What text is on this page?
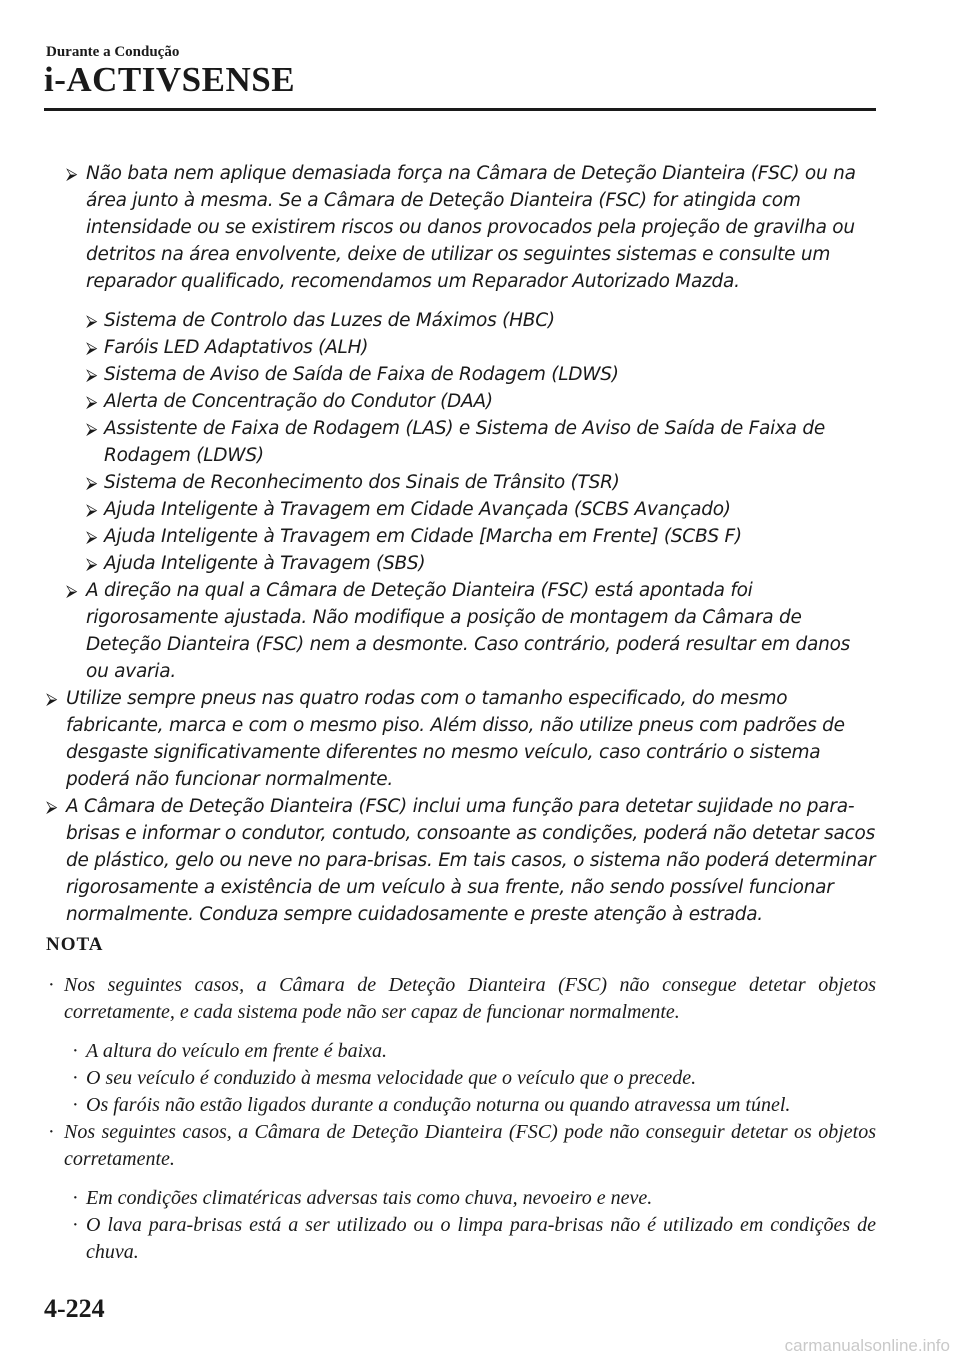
Durante a Condução
i-ACTIVSENSE
⮚ Não bata nem aplique demasiada força na Câmara de Deteção Dianteira (FSC) ou na área junto à mesma. Se a Câmara de Deteção Dianteira (FSC) for atingida com intensidade ou se existirem riscos ou danos provocados pela projeção de gravilha ou detritos na área envolvente, deixe de utilizar os seguintes sistemas e consulte um reparador qualificado, recomendamos um Reparador Autorizado Mazda.
⮚ Sistema de Controlo das Luzes de Máximos (HBC)
⮚ Faróis LED Adaptativos (ALH)
⮚ Sistema de Aviso de Saída de Faixa de Rodagem (LDWS)
⮚ Alerta de Concentração do Condutor (DAA)
⮚ Assistente de Faixa de Rodagem (LAS) e Sistema de Aviso de Saída de Faixa de Rodagem (LDWS)
⮚ Sistema de Reconhecimento dos Sinais de Trânsito (TSR)
⮚ Ajuda Inteligente à Travagem em Cidade Avançada (SCBS Avançado)
⮚ Ajuda Inteligente à Travagem em Cidade [Marcha em Frente] (SCBS F)
⮚ Ajuda Inteligente à Travagem (SBS)
⮚ A direção na qual a Câmara de Deteção Dianteira (FSC) está apontada foi rigorosamente ajustada. Não modifique a posição de montagem da Câmara de Deteção Dianteira (FSC) nem a desmonte. Caso contrário, poderá resultar em danos ou avaria.
⮚ Utilize sempre pneus nas quatro rodas com o tamanho especificado, do mesmo fabricante, marca e com o mesmo piso. Além disso, não utilize pneus com padrões de desgaste significativamente diferentes no mesmo veículo, caso contrário o sistema poderá não funcionar normalmente.
⮚ A Câmara de Deteção Dianteira (FSC) inclui uma função para detetar sujidade no para-brisas e informar o condutor, contudo, consoante as condições, poderá não detetar sacos de plástico, gelo ou neve no para-brisas. Em tais casos, o sistema não poderá determinar rigorosamente a existência de um veículo à sua frente, não sendo possível funcionar normalmente. Conduza sempre cuidadosamente e preste atenção à estrada.
NOTA
· Nos seguintes casos, a Câmara de Deteção Dianteira (FSC) não consegue detetar objetos corretamente, e cada sistema pode não ser capaz de funcionar normalmente.
· A altura do veículo em frente é baixa.
· O seu veículo é conduzido à mesma velocidade que o veículo que o precede.
· Os faróis não estão ligados durante a condução noturna ou quando atravessa um túnel.
· Nos seguintes casos, a Câmara de Deteção Dianteira (FSC) pode não conseguir detetar os objetos corretamente.
· Em condições climatéricas adversas tais como chuva, nevoeiro e neve.
· O lava para-brisas está a ser utilizado ou o limpa para-brisas não é utilizado em condições de chuva.
4-224
carmanualsonline.info
